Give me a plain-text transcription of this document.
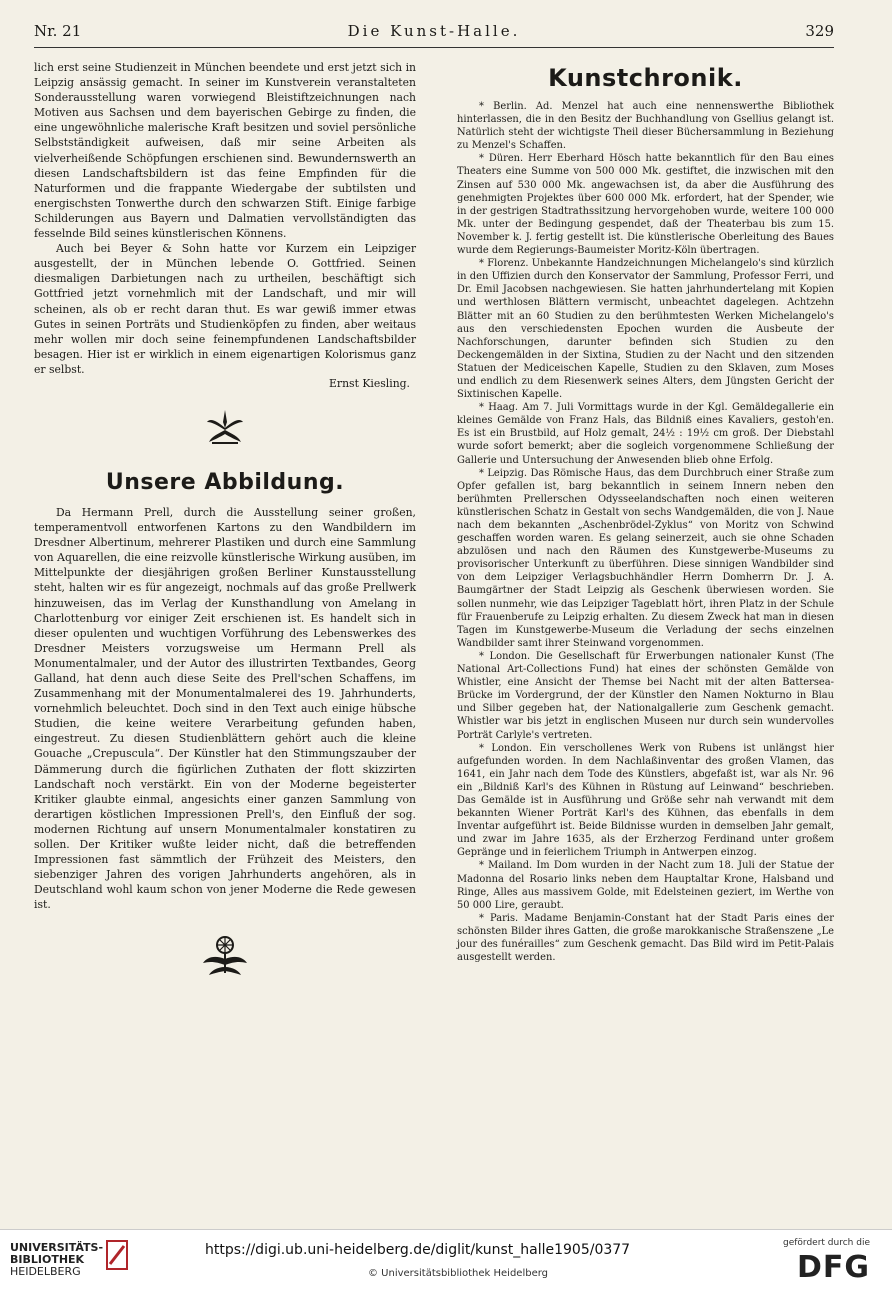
Nr. 21	Die Kunst-Halle.	329

lich erst seine Studienzeit in München beendete und erst jetzt sich in Leipzig ansässig gemacht. In seiner im Kunstverein veranstalteten Sonderausstellung waren vorwiegend Bleistiftzeichnungen nach Motiven aus Sachsen und dem bayerischen Gebirge zu finden, die eine ungewöhnliche malerische Kraft besitzen und soviel persönliche Selbstständigkeit aufweisen, daß mir seine Arbeiten als vielverheißende Schöpfungen erschienen sind. Bewundernswerth an diesen Landschaftsbildern ist das feine Empfinden für die Naturformen und die frappante Wiedergabe der subtilsten und energischsten Tonwerthe durch den schwarzen Stift. Einige farbige Schilderungen aus Bayern und Dalmatien vervollständigten das fesselnde Bild seines künstlerischen Könnens.

Auch bei Beyer & Sohn hatte vor Kurzem ein Leipziger ausgestellt, der in München lebende O. Gottfried. Seinen diesmaligen Darbietungen nach zu urtheilen, beschäftigt sich Gottfried jetzt vornehmlich mit der Landschaft, und mir will scheinen, als ob er recht daran thut. Es war gewiß immer etwas Gutes in seinen Porträts und Studienköpfen zu finden, aber weitaus mehr wollen mir doch seine feinempfundenen Landschaftsbilder besagen. Hier ist er wirklich in einem eigenartigen Kolorismus ganz er selbst.

Ernst Kiesling.

Unsere Abbildung.

Da Hermann Prell, durch die Ausstellung seiner großen, temperamentvoll entworfenen Kartons zu den Wandbildern im Dresdner Albertinum, mehrerer Plastiken und durch eine Sammlung von Aquarellen, die eine reizvolle künstlerische Wirkung ausüben, im Mittelpunkte der diesjährigen großen Berliner Kunstausstellung steht, halten wir es für angezeigt, nochmals auf das große Prellwerk hinzuweisen, das im Verlag der Kunsthandlung von Amelang in Charlottenburg vor einiger Zeit erschienen ist. Es handelt sich in dieser opulenten und wuchtigen Vorführung des Lebenswerkes des Dresdner Meisters vorzugsweise um Hermann Prell als Monumentalmaler, und der Autor des illustrirten Textbandes, Georg Galland, hat denn auch diese Seite des Prell'schen Schaffens, im Zusammenhang mit der Monumentalmalerei des 19. Jahrhunderts, vornehmlich beleuchtet. Doch sind in den Text auch einige hübsche Studien, die keine weitere Verarbeitung gefunden haben, eingestreut. Zu diesen Studienblättern gehört auch die kleine Gouache „Crepuscula“. Der Künstler hat den Stimmungszauber der Dämmerung durch die figürlichen Zuthaten der flott skizzirten Landschaft noch verstärkt. Ein von der Moderne begeisterter Kritiker glaubte einmal, angesichts einer ganzen Sammlung von derartigen köstlichen Impressionen Prell's, den Einfluß der sog. modernen Richtung auf unsern Monumentalmaler konstatiren zu sollen. Der Kritiker wußte leider nicht, daß die betreffenden Impressionen fast sämmtlich der Frühzeit des Meisters, den siebenziger Jahren des vorigen Jahrhunderts angehören, als in Deutschland wohl kaum schon von jener Moderne die Rede gewesen ist.

Kunstchronik.

* Berlin. Ad. Menzel hat auch eine nennenswerthe Bibliothek hinterlassen, die in den Besitz der Buchhandlung von Gsellius gelangt ist. Natürlich steht der wichtigste Theil dieser Büchersammlung in Beziehung zu Menzel's Schaffen.

* Düren. Herr Eberhard Hösch hatte bekanntlich für den Bau eines Theaters eine Summe von 500 000 Mk. gestiftet, die inzwischen mit den Zinsen auf 530 000 Mk. angewachsen ist, da aber die Ausführung des genehmigten Projektes über 600 000 Mk. erfordert, hat der Spender, wie in der gestrigen Stadtrathssitzung hervorgehoben wurde, weitere 100 000 Mk. unter der Bedingung gespendet, daß der Theaterbau bis zum 15. November k. J. fertig gestellt ist. Die künstlerische Oberleitung des Baues wurde dem Regierungs-Baumeister Moritz-Köln übertragen.

* Florenz. Unbekannte Handzeichnungen Michelangelo's sind kürzlich in den Uffizien durch den Konservator der Sammlung, Professor Ferri, und Dr. Emil Jacobsen nachgewiesen. Sie hatten jahrhundertelang mit Kopien und werthlosen Blättern vermischt, unbeachtet dagelegen. Achtzehn Blätter mit an 60 Studien zu den berühmtesten Werken Michelangelo's aus den verschiedensten Epochen wurden die Ausbeute der Nachforschungen, darunter befinden sich Studien zu den Deckengemälden in der Sixtina, Studien zu der Nacht und den sitzenden Statuen der Mediceischen Kapelle, Studien zu den Sklaven, zum Moses und endlich zu dem Riesenwerk seines Alters, dem Jüngsten Gericht der Sixtinischen Kapelle.

* Haag. Am 7. Juli Vormittags wurde in der Kgl. Gemäldegallerie ein kleines Gemälde von Franz Hals, das Bildniß eines Kavaliers, gestoh'en. Es ist ein Brustbild, auf Holz gemalt, 24½ : 19½ cm groß. Der Diebstahl wurde sofort bemerkt; aber die sogleich vorgenommene Schließung der Gallerie und Untersuchung der Anwesenden blieb ohne Erfolg.

* Leipzig. Das Römische Haus, das dem Durchbruch einer Straße zum Opfer gefallen ist, barg bekanntlich in seinem Innern neben den berühmten Prellerschen Odysseelandschaften noch einen weiteren künstlerischen Schatz in Gestalt von sechs Wandgemälden, die von J. Naue nach dem bekannten „Aschenbrödel-Zyklus“ von Moritz von Schwind geschaffen worden waren. Es gelang seinerzeit, auch sie ohne Schaden abzulösen und nach den Räumen des Kunstgewerbe-Museums zu provisorischer Unterkunft zu überführen. Diese sinnigen Wandbilder sind von dem Leipziger Verlagsbuchhändler Herrn Domherrn Dr. J. A. Baumgärtner der Stadt Leipzig als Geschenk überwiesen worden. Sie sollen nunmehr, wie das Leipziger Tageblatt hört, ihren Platz in der Schule für Frauenberufe zu Leipzig erhalten. Zu diesem Zweck hat man in diesen Tagen im Kunstgewerbe-Museum die Verladung der sechs einzelnen Wandbilder samt ihrer Steinwand vorgenommen.

* London. Die Gesellschaft für Erwerbungen nationaler Kunst (The National Art-Collections Fund) hat eines der schönsten Gemälde von Whistler, eine Ansicht der Themse bei Nacht mit der alten Battersea-Brücke im Vordergrund, der der Künstler den Namen Nokturno in Blau und Silber gegeben hat, der Nationalgallerie zum Geschenk gemacht. Whistler war bis jetzt in englischen Museen nur durch sein wundervolles Porträt Carlyle's vertreten.

* London. Ein verschollenes Werk von Rubens ist unlängst hier aufgefunden worden. In dem Nachlaßinventar des großen Vlamen, das 1641, ein Jahr nach dem Tode des Künstlers, abgefaßt ist, war als Nr. 96 ein „Bildniß Karl's des Kühnen in Rüstung auf Leinwand“ beschrieben. Das Gemälde ist in Ausführung und Größe sehr nah verwandt mit dem bekannten Wiener Porträt Karl's des Kühnen, das ebenfalls in dem Inventar aufgeführt ist. Beide Bildnisse wurden in demselben Jahr gemalt, und zwar im Jahre 1635, als der Erzherzog Ferdinand unter großem Gepränge und in feierlichem Triumph in Antwerpen einzog.

* Mailand. Im Dom wurden in der Nacht zum 18. Juli der Statue der Madonna del Rosario links neben dem Hauptaltar Krone, Halsband und Ringe, Alles aus massivem Golde, mit Edelsteinen geziert, im Werthe von 50 000 Lire, geraubt.

* Paris. Madame Benjamin-Constant hat der Stadt Paris eines der schönsten Bilder ihres Gatten, die große marokkanische Straßenszene „Le jour des funérailles“ zum Geschenk gemacht. Das Bild wird im Petit-Palais ausgestellt werden.

UNIVERSITÄTS-
BIBLIOTHEK
HEIDELBERG
https://digi.ub.uni-heidelberg.de/diglit/kunst_halle1905/0377
© Universitätsbibliothek Heidelberg
gefördert durch die
DFG
